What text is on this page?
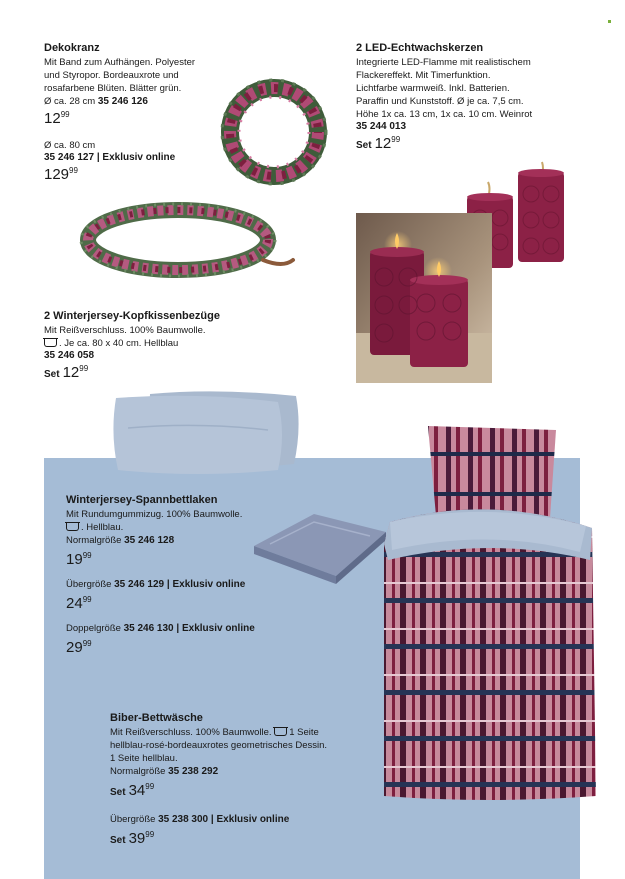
Dekokranz
Mit Band zum Aufhängen. Polyester
und Styropor. Bordeauxrote und
rosafarbene Blüten. Blätter grün.
Ø ca. 28 cm 35 246 126
$12^{99}$
Ø ca. 80 cm
35 246 127 | Exklusiv online
$129^{99}$
2 LED-Echtwachskerzen
Integrierte LED-Flamme mit realistischem
Flackereffekt. Mit Timerfunktion.
Lichtfarbe warmweiß. Inkl. Batterien.
Paraffin und Kunststoff. Ø je ca. 7,5 cm.
Höhe 1x ca. 13 cm, 1x ca. 10 cm. Weinrot
35 244 013
Set $12^{99}$
2 Winterjersey-Kopfkissenbezüge
Mit Reißverschluss. 100% Baumwolle.
. Je ca. 80 x 40 cm. Hellblau
35 246 058
Set $12^{99}$
Winterjersey-Spannbettlaken
Mit Rundumgummizug. 100% Baumwolle.
. Hellblau.
Normalgröße 35 246 128
$19^{99}$
Übergröße 35 246 129 | Exklusiv online
$24^{99}$
Doppelgröße 35 246 130 | Exklusiv online
$29^{99}$
Biber-Bettwäsche
Mit Reißverschluss. 100% Baumwolle. 1 Seite
hellblau-rosé-bordeauxrotes geometrisches Dessin.
1 Seite hellblau.
Normalgröße 35 238 292
Set $34^{99}$
Übergröße 35 238 300 | Exklusiv online
Set $39^{99}$
